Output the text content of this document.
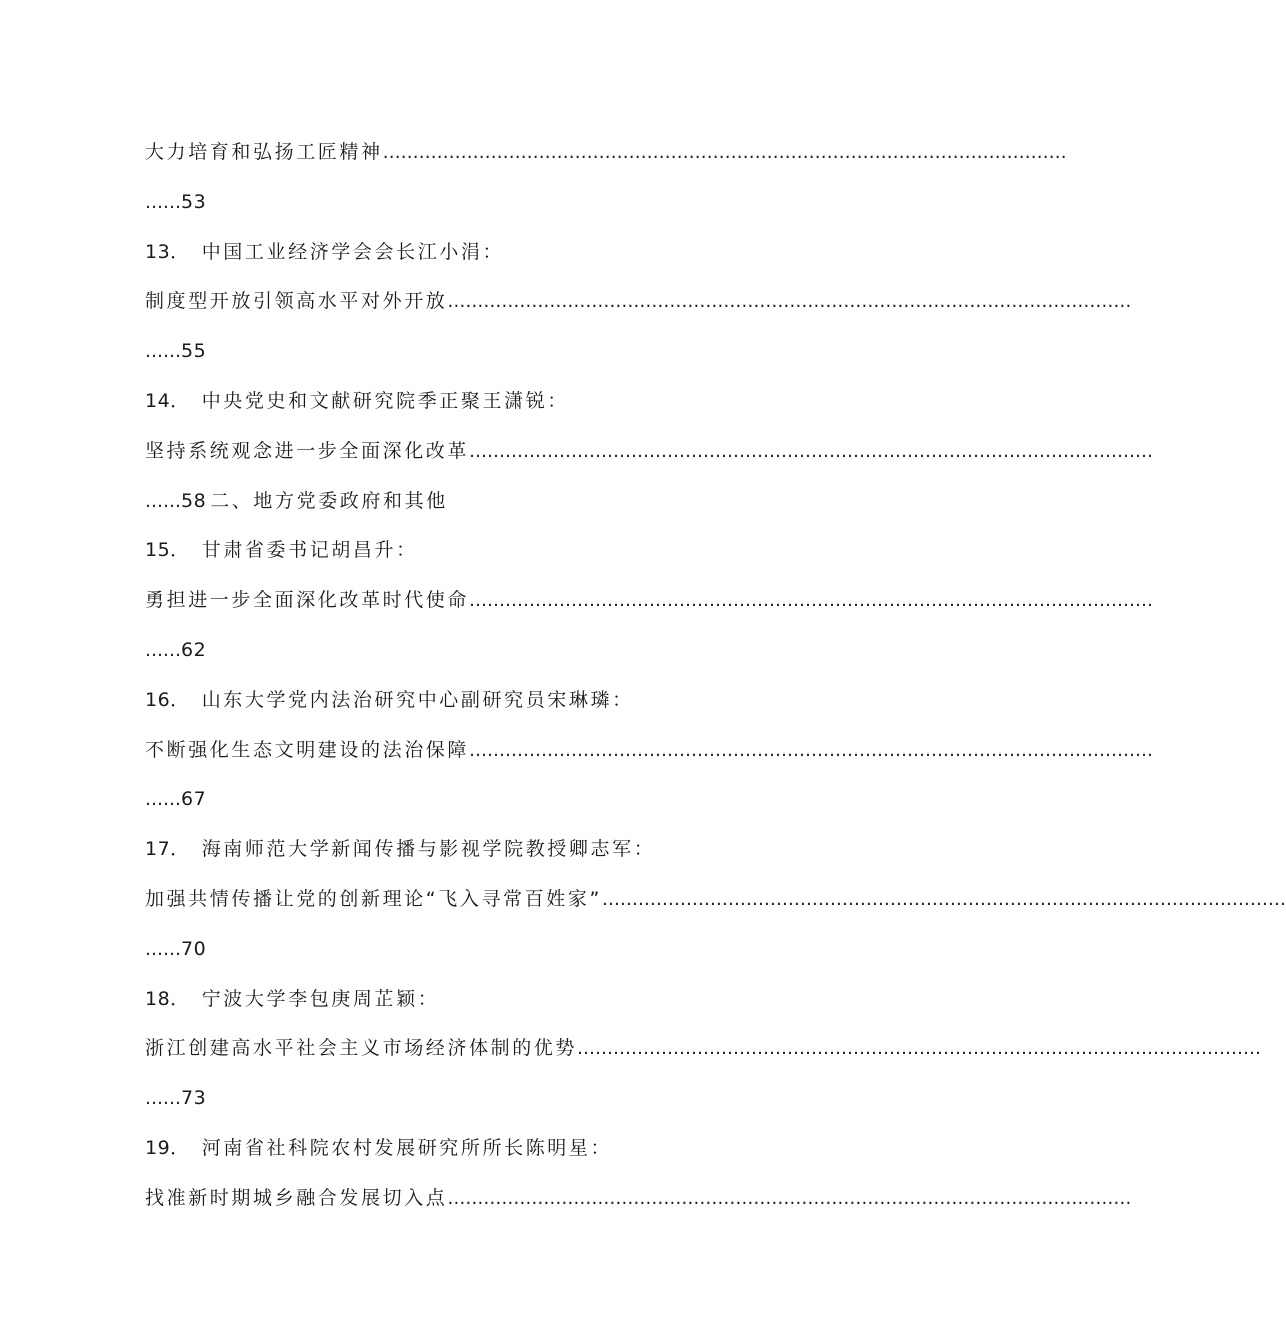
大力培育和弘扬工匠精神 ……………………………………………………………………………………………………
……53
13． 中国工业经济学会会长江小涓：
制度型开放引领高水平对外开放 ……………………………………………………………………………………………………
……55
14． 中央党史和文献研究院季正聚王潇锐：
坚持系统观念进一步全面深化改革 ……………………………………………………………………………………………………
……58 二、地方党委政府和其他
15． 甘肃省委书记胡昌升：
勇担进一步全面深化改革时代使命 ……………………………………………………………………………………………………
……62
16． 山东大学党内法治研究中心副研究员宋琳璘：
不断强化生态文明建设的法治保障 ……………………………………………………………………………………………………
……67
17． 海南师范大学新闻传播与影视学院教授卿志军：
加强共情传播让党的创新理论“飞入寻常百姓家” ……………………………………………………………………………………………………
……70
18． 宁波大学李包庚周芷颖：
浙江创建高水平社会主义市场经济体制的优势 ……………………………………………………………………………………………………
……73
19． 河南省社科院农村发展研究所所长陈明星：
找准新时期城乡融合发展切入点 ……………………………………………………………………………………………………
